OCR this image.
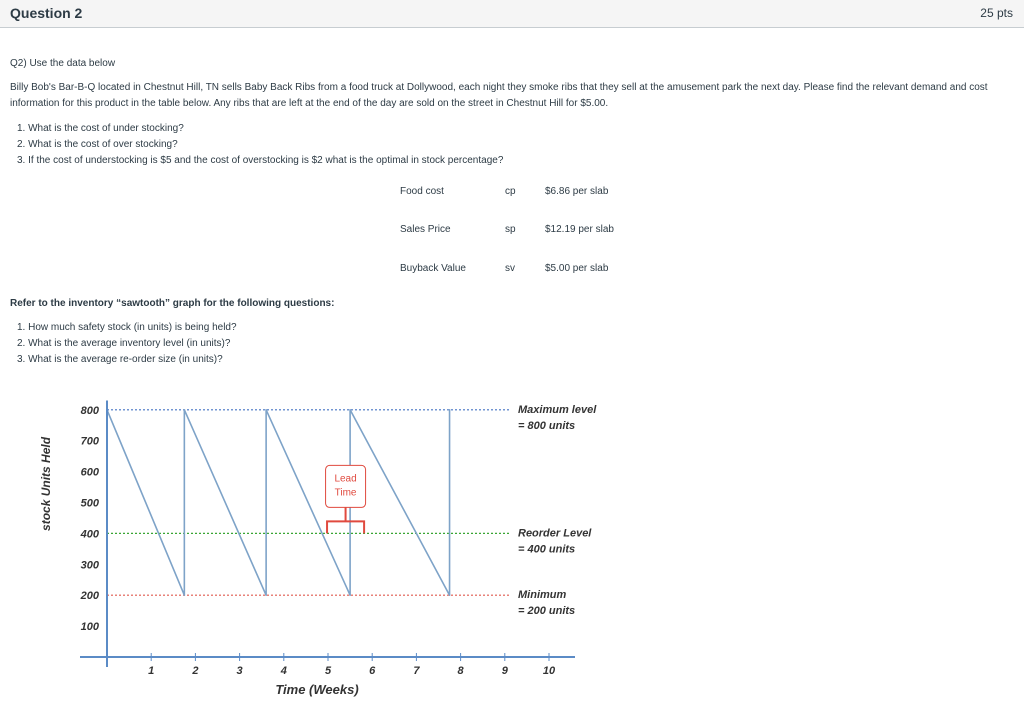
Question 2	25 pts
Q2) Use the data below
Billy Bob's Bar-B-Q located in Chestnut Hill, TN sells Baby Back Ribs from a food truck at Dollywood, each night they smoke ribs that they sell at the amusement park the next day. Please find the relevant demand and cost information for this product in the table below. Any ribs that are left at the end of the day are sold on the street in Chestnut Hill for $5.00.
1. What is the cost of under stocking?
2. What is the cost of over stocking?
3. If the cost of understocking is $5 and the cost of overstocking is $2 what is the optimal in stock percentage?
Food cost	cp	$6.86 per slab
Sales Price	sp	$12.19 per slab
Buyback Value	sv	$5.00 per slab
Refer to the inventory “sawtooth” graph for the following questions:
1. How much safety stock (in units) is being held?
2. What is the average inventory level (in units)?
3. What is the average re-order size (in units)?
Maximum level
= 800 units
Reorder Level
= 400 units
Minimum
= 200 units
100
200
300
400
500
600
700
800
1	2	3	4	5	6	7	8	9	10
Time (Weeks)
stock Units Held	Lead
Time
